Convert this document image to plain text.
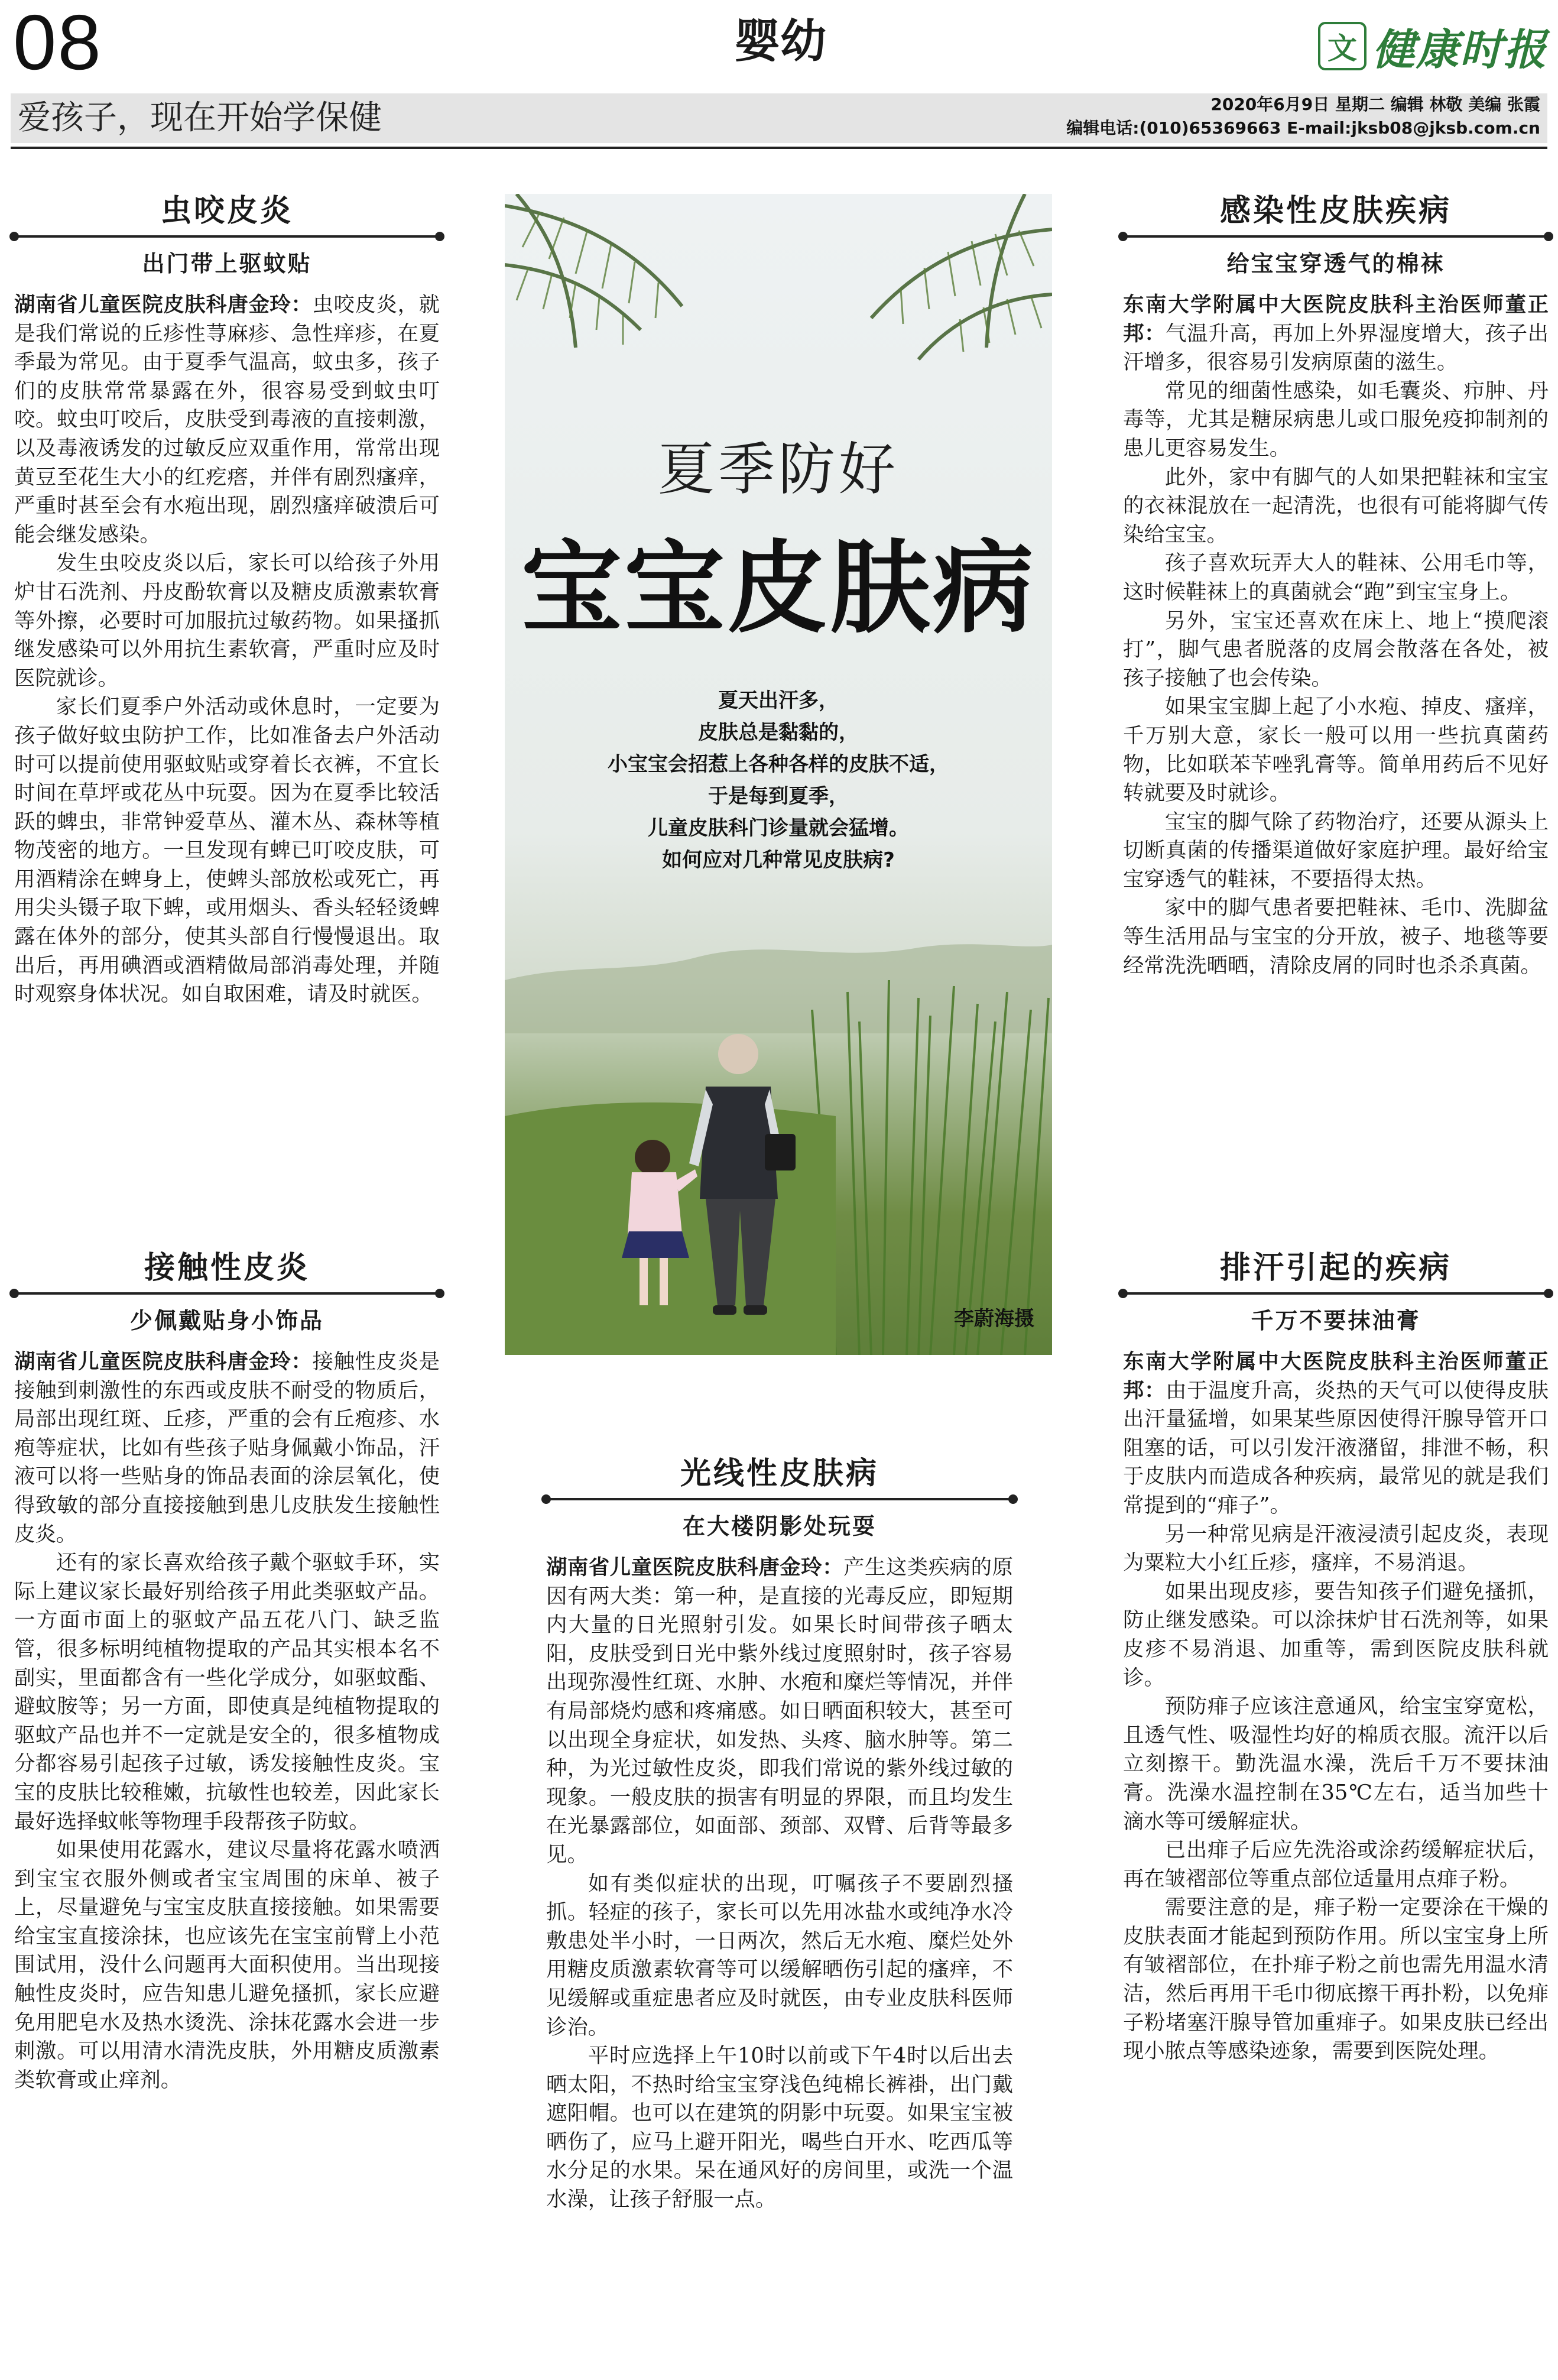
08	婴幼	文 健康时报
爱孩子，现在开始学保健	2020年6月9日 星期二 编辑 林敬 美编 张霞
编辑电话:(010)65369663 E-mail:jksb08@jksb.com.cn
虫咬皮炎
出门带上驱蚊贴

湖南省儿童医院皮肤科唐金玲：虫咬皮炎，就是我们常说的丘疹性荨麻疹、急性痒疹，在夏季最为常见。由于夏季气温高，蚊虫多，孩子们的皮肤常常暴露在外，很容易受到蚊虫叮咬。蚊虫叮咬后，皮肤受到毒液的直接刺激，以及毒液诱发的过敏反应双重作用，常常出现黄豆至花生大小的红疙瘩，并伴有剧烈瘙痒，严重时甚至会有水疱出现，剧烈瘙痒破溃后可能会继发感染。

发生虫咬皮炎以后，家长可以给孩子外用炉甘石洗剂、丹皮酚软膏以及糖皮质激素软膏等外擦，必要时可加服抗过敏药物。如果搔抓继发感染可以外用抗生素软膏，严重时应及时医院就诊。

家长们夏季户外活动或休息时，一定要为孩子做好蚊虫防护工作，比如准备去户外活动时可以提前使用驱蚊贴或穿着长衣裤，不宜长时间在草坪或花丛中玩耍。因为在夏季比较活跃的蜱虫，非常钟爱草丛、灌木丛、森林等植物茂密的地方。一旦发现有蜱已叮咬皮肤，可用酒精涂在蜱身上，使蜱头部放松或死亡，再用尖头镊子取下蜱，或用烟头、香头轻轻烫蜱露在体外的部分，使其头部自行慢慢退出。取出后，再用碘酒或酒精做局部消毒处理，并随时观察身体状况。如自取困难，请及时就医。

接触性皮炎
少佩戴贴身小饰品

湖南省儿童医院皮肤科唐金玲：接触性皮炎是接触到刺激性的东西或皮肤不耐受的物质后，局部出现红斑、丘疹，严重的会有丘疱疹、水疱等症状，比如有些孩子贴身佩戴小饰品，汗液可以将一些贴身的饰品表面的涂层氧化，使得致敏的部分直接接触到患儿皮肤发生接触性皮炎。

还有的家长喜欢给孩子戴个驱蚊手环，实际上建议家长最好别给孩子用此类驱蚊产品。一方面市面上的驱蚊产品五花八门、缺乏监管，很多标明纯植物提取的产品其实根本名不副实，里面都含有一些化学成分，如驱蚊酯、避蚊胺等；另一方面，即使真是纯植物提取的驱蚊产品也并不一定就是安全的，很多植物成分都容易引起孩子过敏，诱发接触性皮炎。宝宝的皮肤比较稚嫩，抗敏性也较差，因此家长最好选择蚊帐等物理手段帮孩子防蚊。

如果使用花露水，建议尽量将花露水喷洒到宝宝衣服外侧或者宝宝周围的床单、被子上，尽量避免与宝宝皮肤直接接触。如果需要给宝宝直接涂抹，也应该先在宝宝前臂上小范围试用，没什么问题再大面积使用。当出现接触性皮炎时，应告知患儿避免搔抓，家长应避免用肥皂水及热水烫洗、涂抹花露水会进一步刺激。可以用清水清洗皮肤，外用糖皮质激素类软膏或止痒剂。

夏季防好
宝宝皮肤病
夏天出汗多，
皮肤总是黏黏的，
小宝宝会招惹上各种各样的皮肤不适，
于是每到夏季，
儿童皮肤科门诊量就会猛增。
如何应对几种常见皮肤病?
李蔚海摄
光线性皮肤病
在大楼阴影处玩耍

湖南省儿童医院皮肤科唐金玲：产生这类疾病的原因有两大类：第一种，是直接的光毒反应，即短期内大量的日光照射引发。如果长时间带孩子晒太阳，皮肤受到日光中紫外线过度照射时，孩子容易出现弥漫性红斑、水肿、水疱和糜烂等情况，并伴有局部烧灼感和疼痛感。如日晒面积较大，甚至可以出现全身症状，如发热、头疼、脑水肿等。第二种，为光过敏性皮炎，即我们常说的紫外线过敏的现象。一般皮肤的损害有明显的界限，而且均发生在光暴露部位，如面部、颈部、双臂、后背等最多见。

如有类似症状的出现，叮嘱孩子不要剧烈搔抓。轻症的孩子，家长可以先用冰盐水或纯净水冷敷患处半小时，一日两次，然后无水疱、糜烂处外用糖皮质激素软膏等可以缓解晒伤引起的瘙痒，不见缓解或重症患者应及时就医，由专业皮肤科医师诊治。

平时应选择上午10时以前或下午4时以后出去晒太阳，不热时给宝宝穿浅色纯棉长裤褂，出门戴遮阳帽。也可以在建筑的阴影中玩耍。如果宝宝被晒伤了，应马上避开阳光，喝些白开水、吃西瓜等水分足的水果。呆在通风好的房间里，或洗一个温水澡，让孩子舒服一点。

感染性皮肤疾病
给宝宝穿透气的棉袜

东南大学附属中大医院皮肤科主治医师董正邦：气温升高，再加上外界湿度增大，孩子出汗增多，很容易引发病原菌的滋生。

常见的细菌性感染，如毛囊炎、疖肿、丹毒等，尤其是糖尿病患儿或口服免疫抑制剂的患儿更容易发生。

此外，家中有脚气的人如果把鞋袜和宝宝的衣袜混放在一起清洗，也很有可能将脚气传染给宝宝。

孩子喜欢玩弄大人的鞋袜、公用毛巾等，这时候鞋袜上的真菌就会“跑”到宝宝身上。

另外，宝宝还喜欢在床上、地上“摸爬滚打”，脚气患者脱落的皮屑会散落在各处，被孩子接触了也会传染。

如果宝宝脚上起了小水疱、掉皮、瘙痒，千万别大意，家长一般可以用一些抗真菌药物，比如联苯苄唑乳膏等。简单用药后不见好转就要及时就诊。

宝宝的脚气除了药物治疗，还要从源头上切断真菌的传播渠道做好家庭护理。最好给宝宝穿透气的鞋袜，不要捂得太热。

家中的脚气患者要把鞋袜、毛巾、洗脚盆等生活用品与宝宝的分开放，被子、地毯等要经常洗洗晒晒，清除皮屑的同时也杀杀真菌。

排汗引起的疾病
千万不要抹油膏

东南大学附属中大医院皮肤科主治医师董正邦：由于温度升高，炎热的天气可以使得皮肤出汗量猛增，如果某些原因使得汗腺导管开口阻塞的话，可以引发汗液潴留，排泄不畅，积于皮肤内而造成各种疾病，最常见的就是我们常提到的“痱子”。

另一种常见病是汗液浸渍引起皮炎，表现为粟粒大小红丘疹，瘙痒，不易消退。

如果出现皮疹，要告知孩子们避免搔抓，防止继发感染。可以涂抹炉甘石洗剂等，如果皮疹不易消退、加重等，需到医院皮肤科就诊。

预防痱子应该注意通风，给宝宝穿宽松，且透气性、吸湿性均好的棉质衣服。流汗以后立刻擦干。勤洗温水澡，洗后千万不要抹油膏。洗澡水温控制在35℃左右，适当加些十滴水等可缓解症状。

已出痱子后应先洗浴或涂药缓解症状后，再在皱褶部位等重点部位适量用点痱子粉。

需要注意的是，痱子粉一定要涂在干燥的皮肤表面才能起到预防作用。所以宝宝身上所有皱褶部位，在扑痱子粉之前也需先用温水清洁，然后再用干毛巾彻底擦干再扑粉，以免痱子粉堵塞汗腺导管加重痱子。如果皮肤已经出现小脓点等感染迹象，需要到医院处理。
